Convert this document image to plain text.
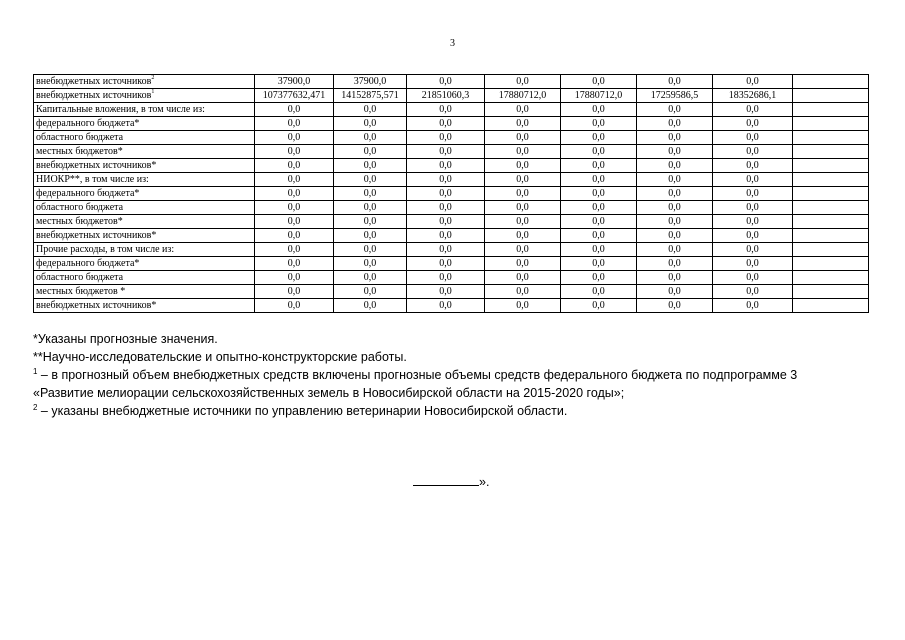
3
внебюджетных источников$^2$	37900,0	37900,0	0,0	0,0	0,0	0,0	0,0	
внебюджетных источников$^1$	107377632,471	14152875,571	21851060,3	17880712,0	17880712,0	17259586,5	18352686,1	
Капитальные вложения, в том числе из:	0,0	0,0	0,0	0,0	0,0	0,0	0,0	
федерального бюджета*	0,0	0,0	0,0	0,0	0,0	0,0	0,0	
областного бюджета	0,0	0,0	0,0	0,0	0,0	0,0	0,0	
местных бюджетов*	0,0	0,0	0,0	0,0	0,0	0,0	0,0	
внебюджетных источников*	0,0	0,0	0,0	0,0	0,0	0,0	0,0	
НИОКР**, в том числе из:	0,0	0,0	0,0	0,0	0,0	0,0	0,0	
федерального бюджета*	0,0	0,0	0,0	0,0	0,0	0,0	0,0	
областного бюджета	0,0	0,0	0,0	0,0	0,0	0,0	0,0	
местных бюджетов*	0,0	0,0	0,0	0,0	0,0	0,0	0,0	
внебюджетных источников*	0,0	0,0	0,0	0,0	0,0	0,0	0,0	
Прочие расходы, в том числе из:	0,0	0,0	0,0	0,0	0,0	0,0	0,0	
федерального бюджета*	0,0	0,0	0,0	0,0	0,0	0,0	0,0	
областного бюджета	0,0	0,0	0,0	0,0	0,0	0,0	0,0	
местных бюджетов *	0,0	0,0	0,0	0,0	0,0	0,0	0,0	
внебюджетных источников*	0,0	0,0	0,0	0,0	0,0	0,0	0,0	

*Указаны прогнозные значения.

**Научно-исследовательские и опытно-конструкторские работы.

$^1$ – в прогнозный объем внебюджетных средств включены прогнозные объемы средств федерального бюджета по подпрограмме 3

«Развитие мелиорации сельскохозяйственных земель в Новосибирской области на 2015-2020 годы»;

$^2$ – указаны внебюджетные источники по управлению ветеринарии Новосибирской области.

».
